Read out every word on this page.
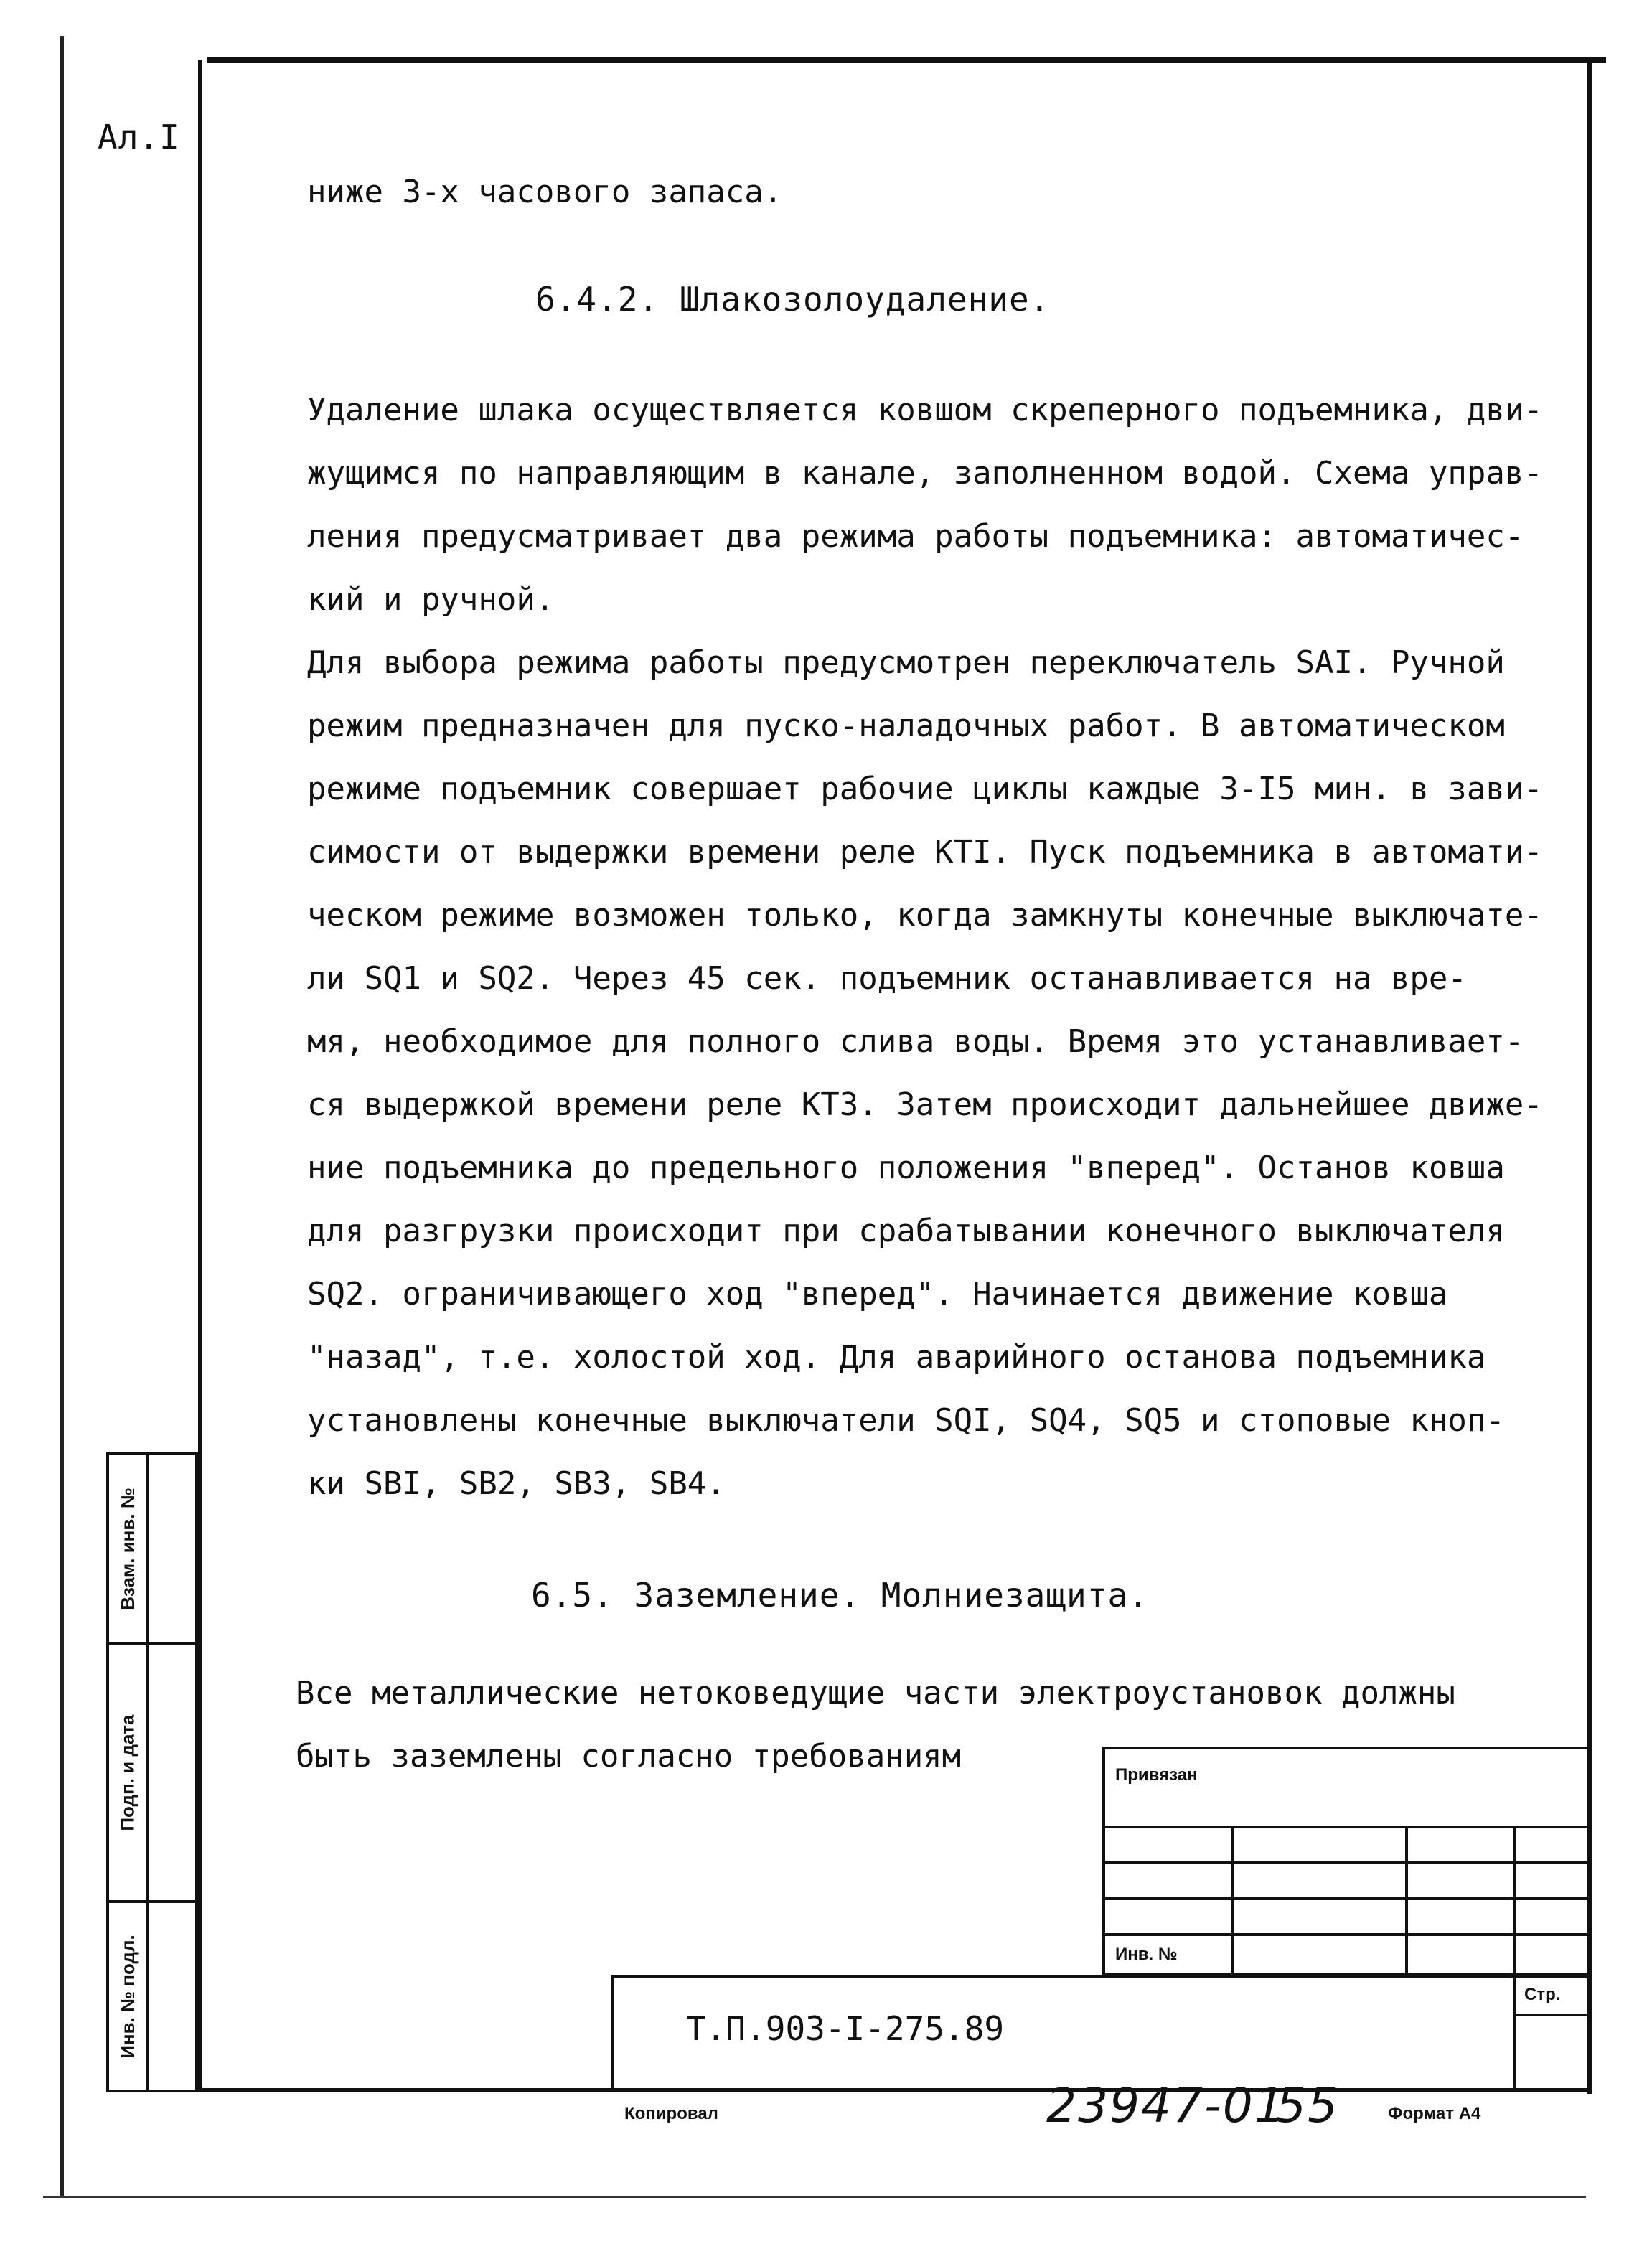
Ал.I
ниже 3-х часового запаса.
6.4.2. Шлакозолоудаление.
Удаление шлака осуществляется ковшом скреперного подъемника, дви-
жущимся по направляющим в канале, заполненном водой. Схема управ-
ления предусматривает два режима работы подъемника: автоматичес-
кий и ручной.
Для выбора режима работы предусмотрен переключатель SAI. Ручной
режим предназначен для пуско-наладочных работ. В автоматическом
режиме подъемник совершает рабочие циклы каждые 3-I5 мин. в зави-
симости от выдержки времени реле КТI. Пуск подъемника в автомати-
ческом режиме возможен только, когда замкнуты конечные выключате-
ли SQ1 и SQ2. Через 45 сек. подъемник останавливается на вре-
мя, необходимое для полного слива воды. Время это устанавливает-
ся выдержкой времени реле КТ3. Затем происходит дальнейшее движе-
ние подъемника до предельного положения "вперед". Останов ковша
для разгрузки происходит при срабатывании конечного выключателя
SQ2. ограничивающего ход "вперед". Начинается движение ковша
"назад", т.е. холостой ход. Для аварийного останова подъемника
установлены конечные выключатели SQI, SQ4, SQ5 и стоповые кноп-
ки SBI, SB2, SB3, SB4.
6.5. Заземление. Молниезащита.
Все металлические нетоковедущие части электроустановок должны
быть заземлены согласно требованиям
Взам. инв. №
Подп. и дата
Инв. № подл.
Привязан
Инв. №
Стр.
Т.П.903-I-275.89
Копировал	23947-01
55	Формат А4
